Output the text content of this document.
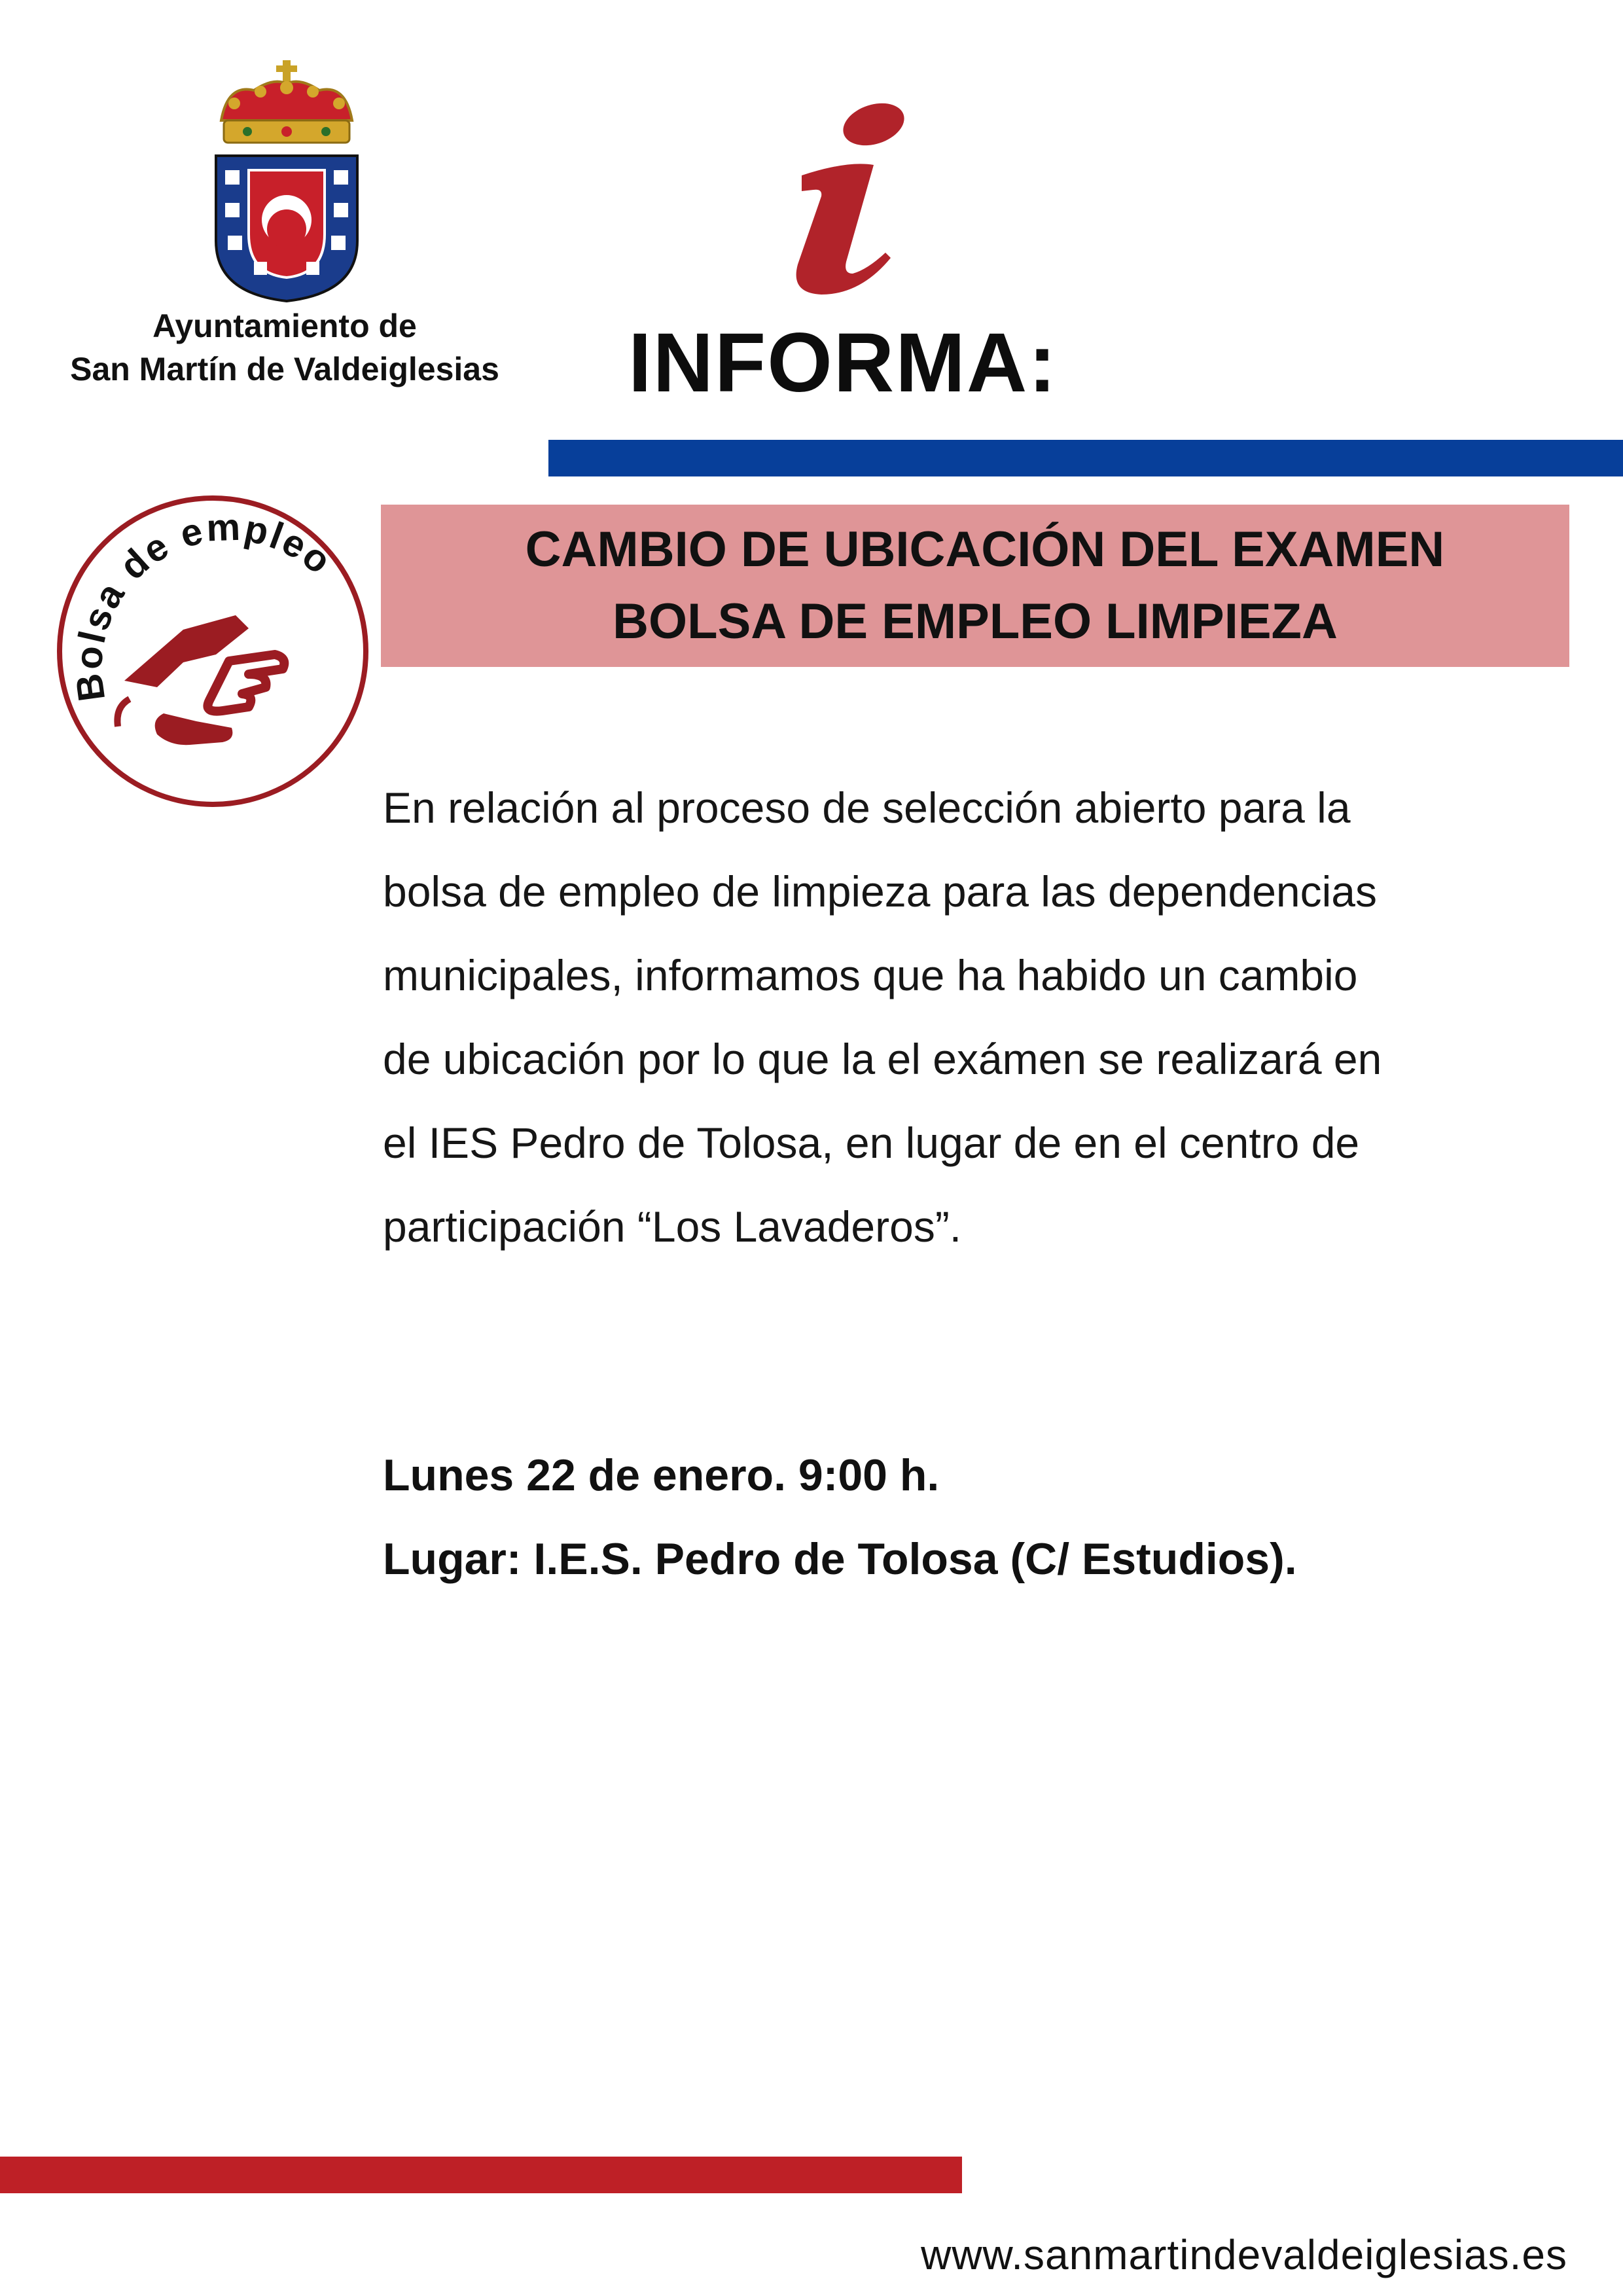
Ayuntamiento de
San Martín de Valdeiglesias	INFORMA:
Bolsa de empleo	CAMBIO DE UBICACIÓN DEL EXAMEN
BOLSA DE EMPLEO LIMPIEZA
En relación al proceso de selección abierto para la
bolsa de empleo de limpieza para las dependencias
municipales, informamos que ha habido un cambio
de ubicación por lo que la el exámen se realizará en
el IES Pedro de Tolosa, en lugar de en el centro de
participación “Los Lavaderos”.
Lunes 22 de enero. 9:00 h.
Lugar: I.E.S. Pedro de Tolosa (C/ Estudios).
www.sanmartindevaldeiglesias.es
